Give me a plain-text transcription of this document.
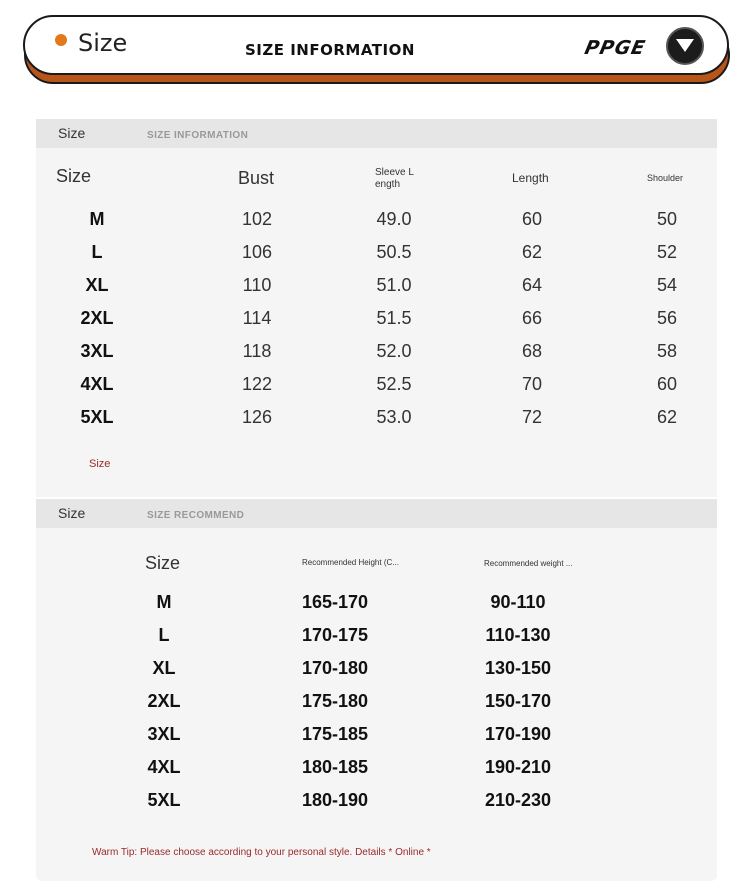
Size	SIZE INFORMATION	PPGE
Size	SIZE INFORMATION
Size	Bust	Sleeve L ength	Length	Shoulder
M	102	49.0	60	50
L	106	50.5	62	52
XL	110	51.0	64	54
2XL	114	51.5	66	56
3XL	118	52.0	68	58
4XL	122	52.5	70	60
5XL	126	53.0	72	62
Size
Size	SIZE RECOMMEND
Size	Recommended Height (C...	Recommended weight ...
M	165-170	90-110
L	170-175	110-130
XL	170-180	130-150
2XL	175-180	150-170
3XL	175-185	170-190
4XL	180-185	190-210
5XL	180-190	210-230
Warm Tip: Please choose according to your personal style. Details * Online *
